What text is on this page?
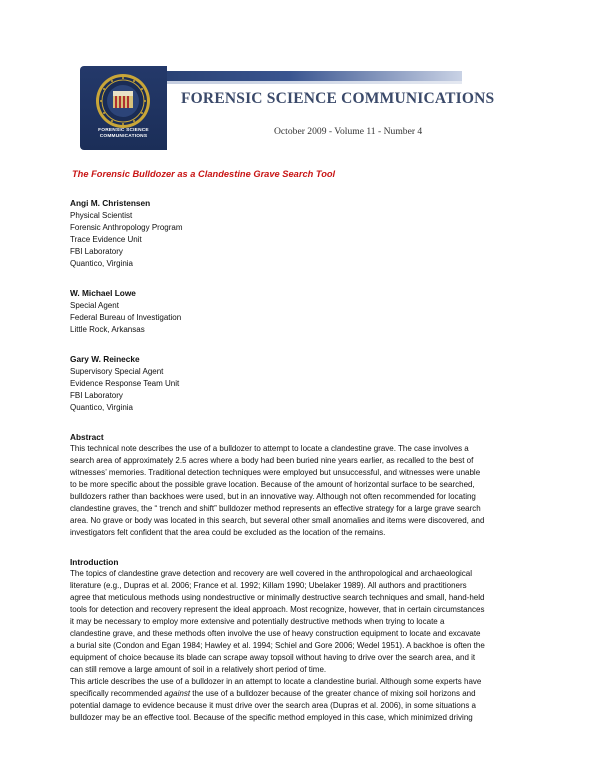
FORENSIC SCIENCE
COMMUNICATIONS
FORENSIC SCIENCE COMMUNICATIONS
October 2009 - Volume 11 - Number 4
The Forensic Bulldozer as a Clandestine Grave Search Tool
Angi M. Christensen
Physical Scientist
Forensic Anthropology Program
Trace Evidence Unit
FBI Laboratory
Quantico, Virginia
W. Michael Lowe
Special Agent
Federal Bureau of Investigation
Little Rock, Arkansas
Gary W. Reinecke
Supervisory Special Agent
Evidence Response Team Unit
FBI Laboratory
Quantico, Virginia
Abstract
This technical note describes the use of a bulldozer to attempt to locate a clandestine grave. The case involves a
search area of approximately 2.5 acres where a body had been buried nine years earlier, as recalled to the best of
witnesses’ memories. Traditional detection techniques were employed but unsuccessful, and witnesses were unable
to be more specific about the possible grave location. Because of the amount of horizontal surface to be searched,
bulldozers rather than backhoes were used, but in an innovative way. Although not often recommended for locating
clandestine graves, the “ trench and shift” bulldozer method represents an effective strategy for a large grave search
area. No grave or body was located in this search, but several other small anomalies and items were discovered, and
investigators felt confident that the area could be excluded as the location of the remains.
Introduction
The topics of clandestine grave detection and recovery are well covered in the anthropological and archaeological
literature (e.g., Dupras et al. 2006; France et al. 1992; Killam 1990; Ubelaker 1989). All authors and practitioners
agree that meticulous methods using nondestructive or minimally destructive search techniques and small, hand-held
tools for detection and recovery represent the ideal approach. Most recognize, however, that in certain circumstances
it may be necessary to employ more extensive and potentially destructive methods when trying to locate a
clandestine grave, and these methods often involve the use of heavy construction equipment to locate and excavate
a burial site (Condon and Egan 1984; Hawley et al. 1994; Schiel and Gore 2006; Wedel 1951). A backhoe is often the
equipment of choice because its blade can scrape away topsoil without having to drive over the search area, and it
can still remove a large amount of soil in a relatively short period of time.
This article describes the use of a bulldozer in an attempt to locate a clandestine burial. Although some experts have
specifically recommended against the use of a bulldozer because of the greater chance of mixing soil horizons and
potential damage to evidence because it must drive over the search area (Dupras et al. 2006), in some situations a
bulldozer may be an effective tool. Because of the specific method employed in this case, which minimized driving
